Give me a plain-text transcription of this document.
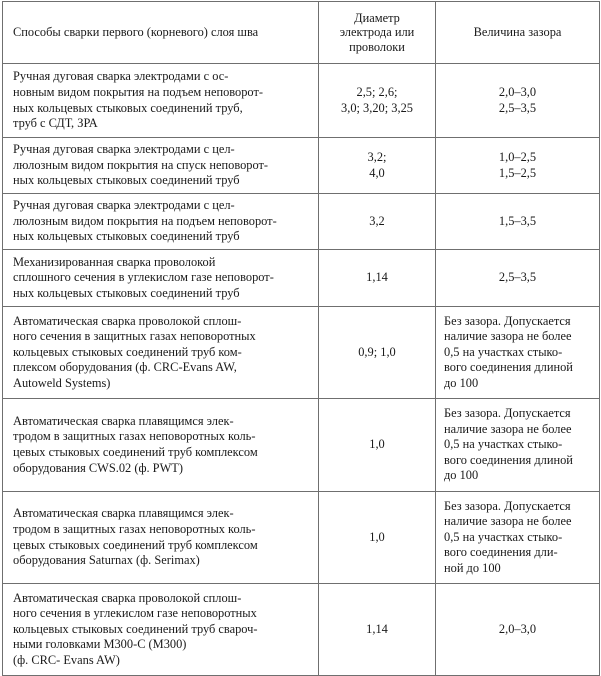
Способы сварки первого (корневого) слоя шва	Диаметр
электрода или
проволоки	Величина зазора
Ручная дуговая сварка электродами с ос-
новным видом покрытия на подъем неповорот-
ных кольцевых стыковых соединений труб,
труб с СДТ, ЗРА	2,5; 2,6;
3,0; 3,20; 3,25	2,0–3,0
2,5–3,5
Ручная дуговая сварка электродами с цел-
люлозным видом покрытия на спуск неповорот-
ных кольцевых стыковых соединений труб	3,2;
4,0	1,0–2,5
1,5–2,5
Ручная дуговая сварка электродами с цел-
люлозным видом покрытия на подъем неповорот-
ных кольцевых стыковых соединений труб	3,2	1,5–3,5
Механизированная сварка проволокой
сплошного сечения в углекислом газе неповорот-
ных кольцевых стыковых соединений труб	1,14	2,5–3,5
Автоматическая сварка проволокой сплош-
ного сечения в защитных газах неповоротных
кольцевых стыковых соединений труб ком-
плексом оборудования (ф. CRC-Evans AW,
Autoweld Systems)	0,9; 1,0	Без зазора. Допускается
наличие зазора не более
0,5 на участках стыко-
вого соединения длиной
до 100
Автоматическая сварка плавящимся элек-
тродом в защитных газах неповоротных коль-
цевых стыковых соединений труб комплексом
оборудования CWS.02 (ф. PWT)	1,0	Без зазора. Допускается
наличие зазора не более
0,5 на участках стыко-
вого соединения длиной
до 100
Автоматическая сварка плавящимся элек-
тродом в защитных газах неповоротных коль-
цевых стыковых соединений труб комплексом
оборудования Saturnax (ф. Serimax)	1,0	Без зазора. Допускается
наличие зазора не более
0,5 на участках стыко-
вого соединения дли-
ной до 100
Автоматическая сварка проволокой сплош-
ного сечения в углекислом газе неповоротных
кольцевых стыковых соединений труб свароч-
ными головками М300-С (М300)
(ф. CRC- Evans AW)	1,14	2,0–3,0
